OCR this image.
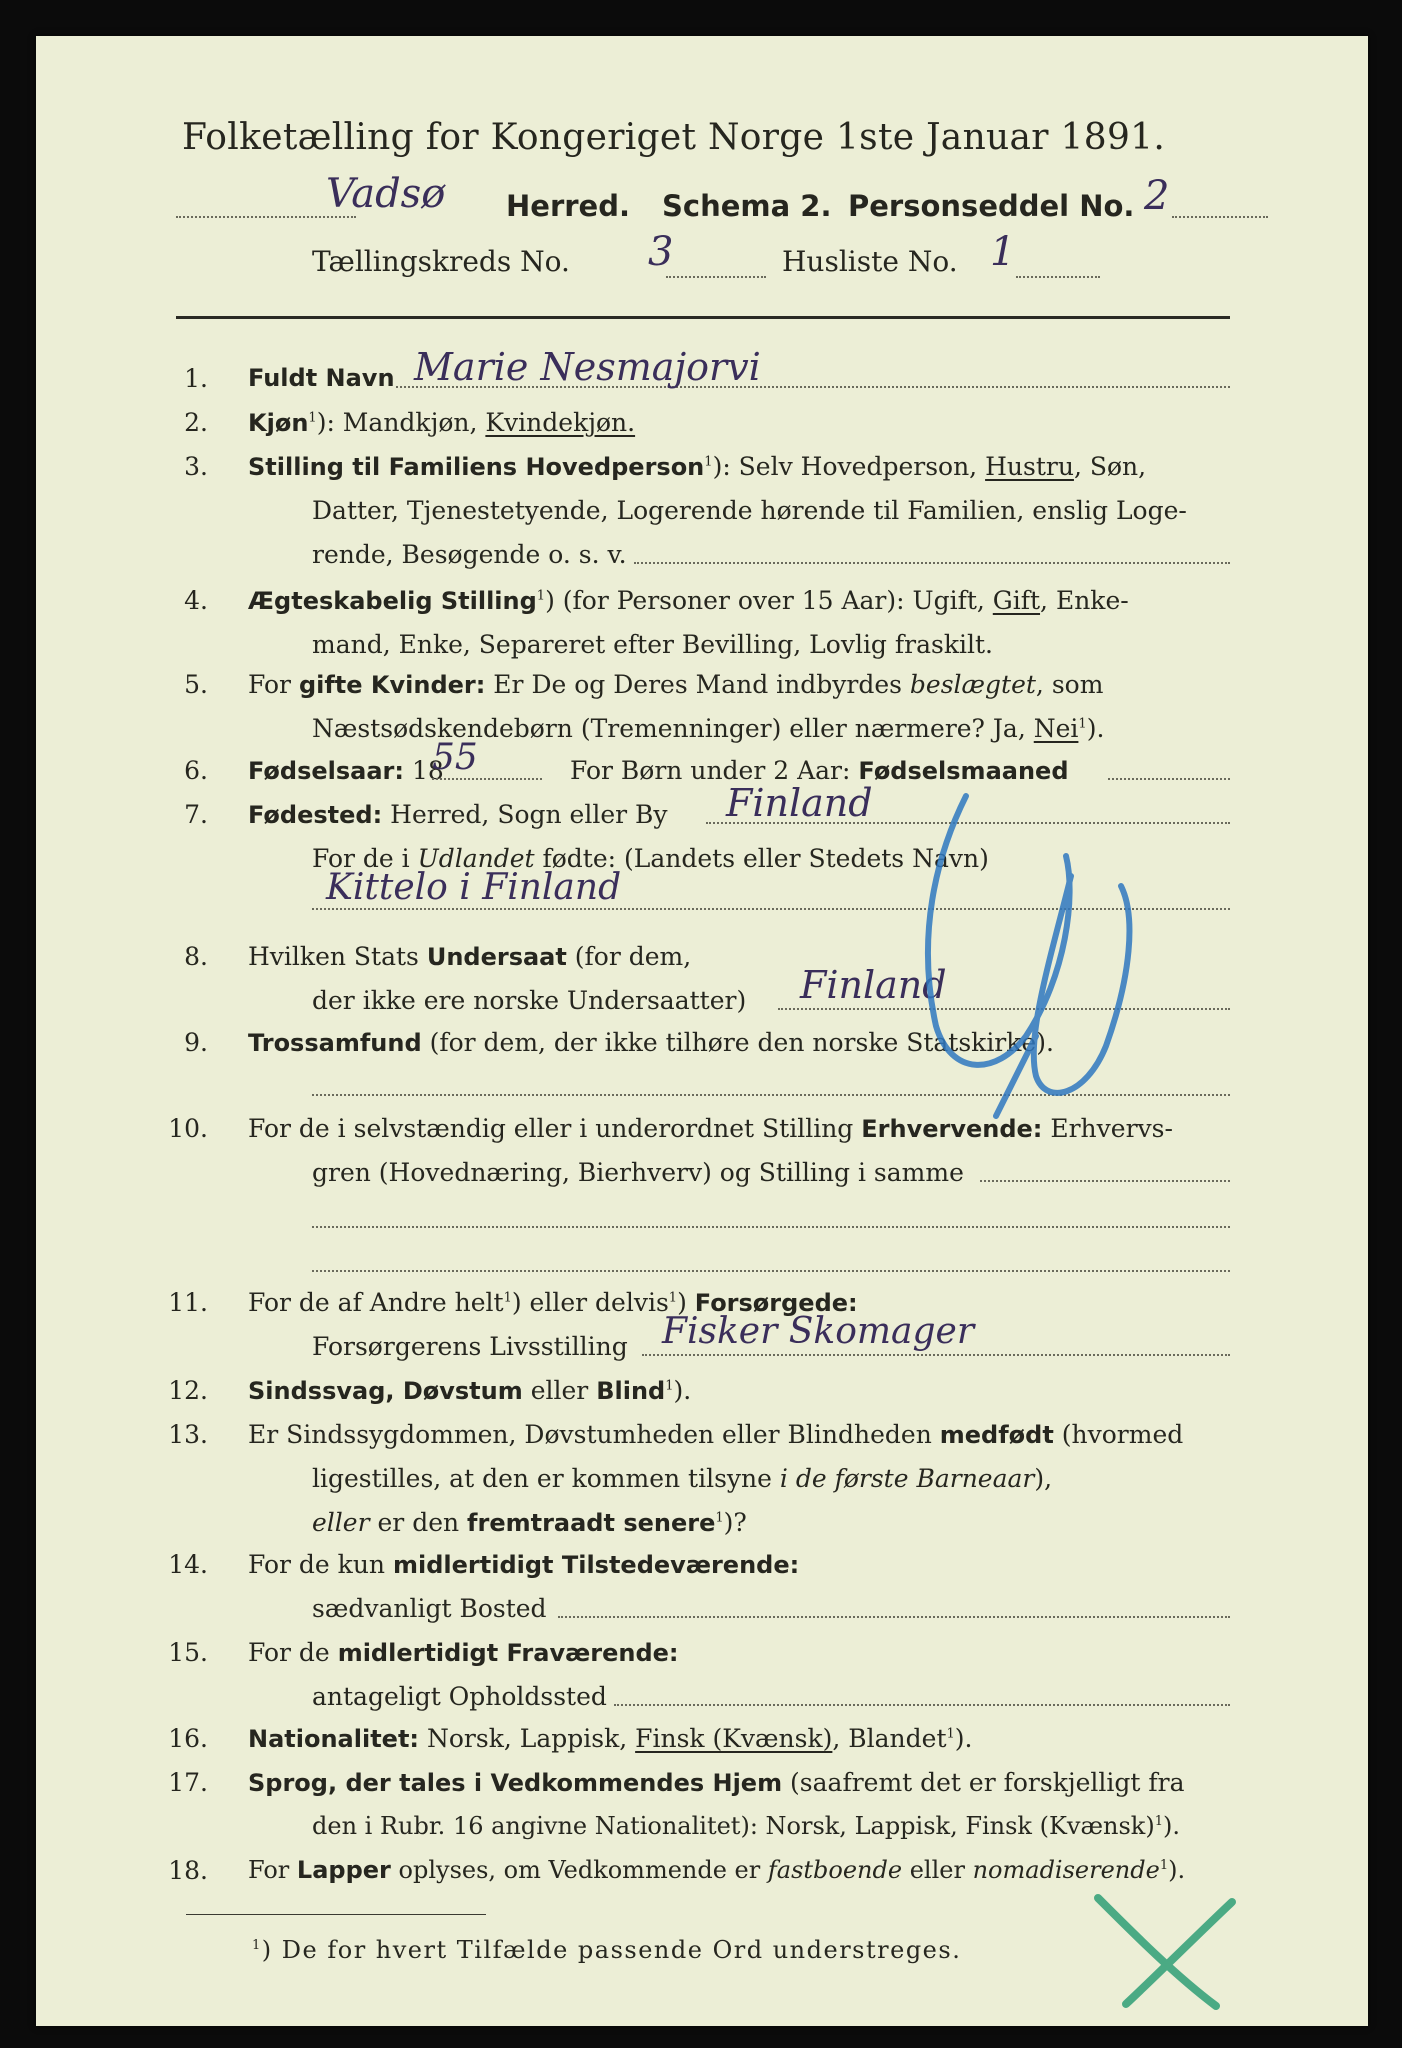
Folketælling for Kongeriget Norge 1ste Januar 1891.
Vadsø Herred. Schema 2. Personseddel No. 2
Tællingskreds No. 3	Husliste No. 1
1.
2.
3.
4.
5.
6.
7.
8.
9.
10.
11.
12.
13.
14.
15.
16.
17.
18.
Fuldt Navn Marie Nesmajorvi
Kjøn$^1$): Mandkjøn, Kvindekjøn.
Stilling til Familiens Hovedperson$^1$): Selv Hovedperson, Hustru, Søn,
Datter, Tjenestetyende, Logerende hørende til Familien, enslig Loge-
rende, Besøgende o. s. v.
Ægteskabelig Stilling$^1$) (for Personer over 15 Aar): Ugift, Gift, Enke-
mand, Enke, Separeret efter Bevilling, Lovlig fraskilt.
For gifte Kvinder: Er De og Deres Mand indbyrdes beslægtet, som
Næstsødskendebørn (Tremenninger) eller nærmere? Ja, Nei$^1$).
Fødselsaar: 18
55	For Børn under 2 Aar: Fødselsmaaned
Fødested: Herred, Sogn eller By Finland
For de i Udlandet fødte: (Landets eller Stedets Navn)
Kittelo i Finland
Hvilken Stats Undersaat (for dem,
der ikke ere norske Undersaatter) Finland
Trossamfund (for dem, der ikke tilhøre den norske Statskirke).
For de i selvstændig eller i underordnet Stilling Erhvervende: Erhvervs-
gren (Hovednæring, Bierhverv) og Stilling i samme
For de af Andre helt$^1$) eller delvis$^1$) Forsørgede:
Forsørgerens Livsstilling Fisker Skomager
Sindssvag, Døvstum eller Blind$^1$).
Er Sindssygdommen, Døvstumheden eller Blindheden medfødt (hvormed
ligestilles, at den er kommen tilsyne i de første Barneaar),
eller er den fremtraadt senere$^1$)?
For de kun midlertidigt Tilstedeværende:
sædvanligt Bosted
For de midlertidigt Fraværende:
antageligt Opholdssted
Nationalitet: Norsk, Lappisk, Finsk (Kvænsk), Blandet$^1$).
Sprog, der tales i Vedkommendes Hjem (saafremt det er forskjelligt fra
den i Rubr. 16 angivne Nationalitet): Norsk, Lappisk, Finsk (Kvænsk)$^1$).
For Lapper oplyses, om Vedkommende er fastboende eller nomadiserende$^1$).
$^1$) De for hvert Tilfælde passende Ord understreges.
